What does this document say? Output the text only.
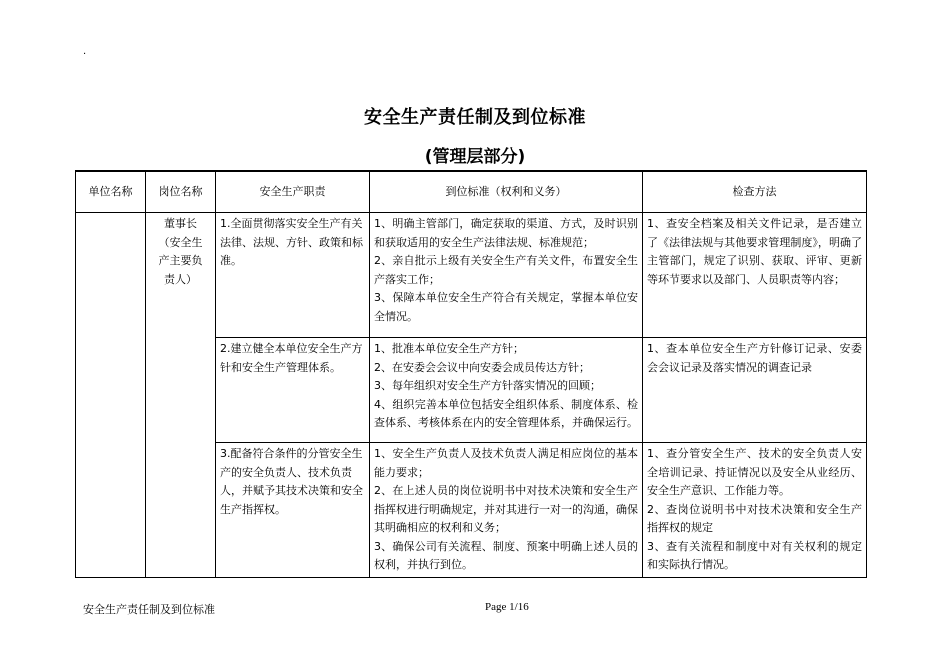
.
安全生产责任制及到位标准
(管理层部分)
单位名称	岗位名称	安全生产职责	到位标准（权利和义务）	检查方法
	董事长（安全生产主要负责人）	1.全面贯彻落实安全生产有关法律、法规、方针、政策和标准。	1、明确主管部门，确定获取的渠道、方式，及时识别和获取适用的安全生产法律法规、标准规范；
2、亲自批示上级有关安全生产有关文件，布置安全生产落实工作；
3、保障本单位安全生产符合有关规定，掌握本单位安全情况。	1、查安全档案及相关文件记录，是否建立了《法律法规与其他要求管理制度》，明确了主管部门，规定了识别、获取、评审、更新等环节要求以及部门、人员职责等内容；
		2.建立健全本单位安全生产方针和安全生产管理体系。	1、批准本单位安全生产方针；
2、在安委会会议中向安委会成员传达方针；
3、每年组织对安全生产方针落实情况的回顾；
4、组织完善本单位包括安全组织体系、制度体系、检查体系、考核体系在内的安全管理体系，并确保运行。	1、查本单位安全生产方针修订记录、安委会会议记录及落实情况的调查记录
		3.配备符合条件的分管安全生产的安全负责人、技术负责人，并赋予其技术决策和安全生产指挥权。	1、安全生产负责人及技术负责人满足相应岗位的基本能力要求；
2、在上述人员的岗位说明书中对技术决策和安全生产指挥权进行明确规定，并对其进行一对一的沟通，确保其明确相应的权利和义务；
3、确保公司有关流程、制度、预案中明确上述人员的权利，并执行到位。	1、查分管安全生产、技术的安全负责人安全培训记录、持证情况以及安全从业经历、安全生产意识、工作能力等。
2、查岗位说明书中对技术决策和安全生产指挥权的规定
3、查有关流程和制度中对有关权利的规定和实际执行情况。
安全生产责任制及到位标准	Page 1/16
